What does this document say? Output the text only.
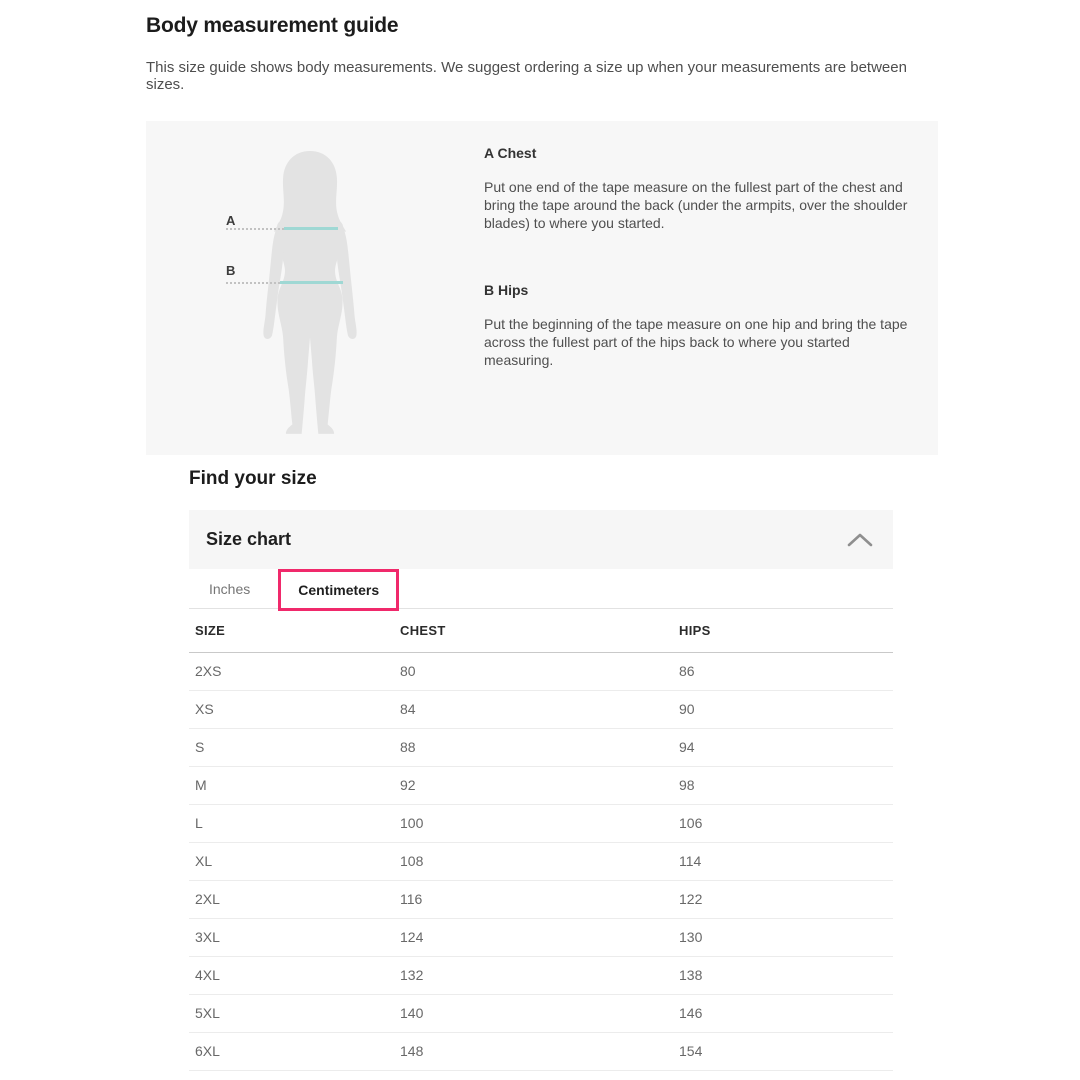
Body measurement guide

This size guide shows body measurements. We suggest ordering a size up when your measurements are between sizes.

A
B
A Chest

Put one end of the tape measure on the fullest part of the chest and bring the tape around the back (under the armpits, over the shoulder blades) to where you started.

B Hips

Put the beginning of the tape measure on one hip and bring the tape across the fullest part of the hips back to where you started measuring.

Find your size
Size chart
Inches	Centimeters
SIZE	CHEST	HIPS
2XS	80	86
XS	84	90
S	88	94
M	92	98
L	100	106
XL	108	114
2XL	116	122
3XL	124	130
4XL	132	138
5XL	140	146
6XL	148	154
